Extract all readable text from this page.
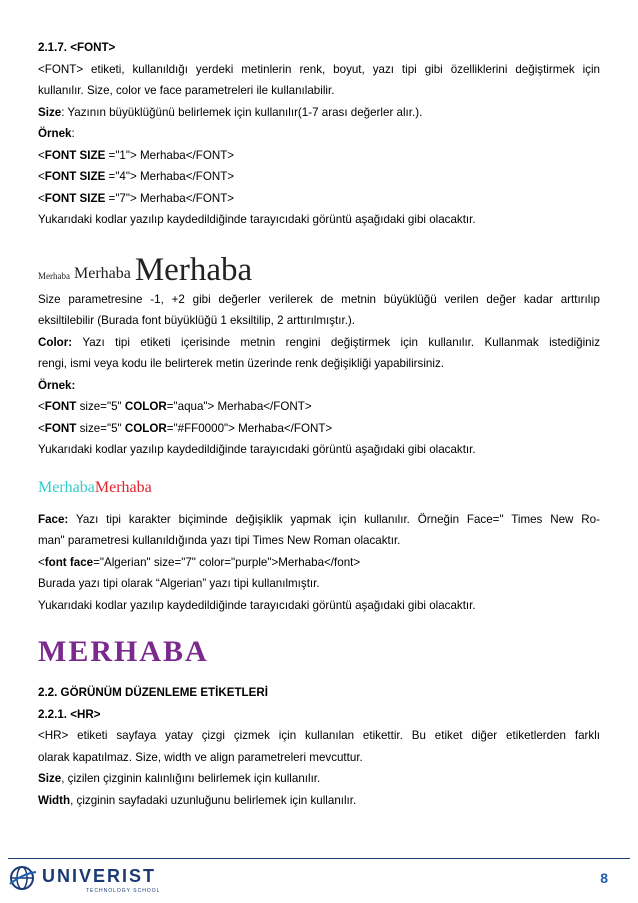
2.1.7. <FONT>
<FONT> etiketi, kullanıldığı yerdeki metinlerin renk, boyut, yazı tipi gibi özelliklerini değiştirmek için
kullanılır. Size, color ve face parametreleri ile kullanılabilir.
Size: Yazının büyüklüğünü belirlemek için kullanılır(1-7 arası değerler alır.).
Örnek:
<FONT SIZE ="1"> Merhaba</FONT>
<FONT SIZE ="4"> Merhaba</FONT>
<FONT SIZE ="7"> Merhaba</FONT>
Yukarıdaki kodlar yazılıp kaydedildiğinde tarayıcıdaki görüntü aşağıdaki gibi olacaktır.
Merhaba Merhaba Merhaba
Size parametresine -1, +2 gibi değerler verilerek de metnin büyüklüğü verilen değer kadar arttırılıp
eksiltilebilir (Burada font büyüklüğü 1 eksiltilip, 2 arttırılmıştır.).
Color: Yazı tipi etiketi içerisinde metnin rengini değiştirmek için kullanılır. Kullanmak istediğiniz
rengi, ismi veya kodu ile belirterek metin üzerinde renk değişikliği yapabilirsiniz.
Örnek:
<FONT size="5" COLOR="aqua"> Merhaba</FONT>
<FONT size="5" COLOR="#FF0000"> Merhaba</FONT>
Yukarıdaki kodlar yazılıp kaydedildiğinde tarayıcıdaki görüntü aşağıdaki gibi olacaktır.
Merhaba Merhaba
Face: Yazı tipi karakter biçiminde değişiklik yapmak için kullanılır. Örneğin Face=" Times New Ro-
man" parametresi kullanıldığında yazı tipi Times New Roman olacaktır.
<font face="Algerian" size="7" color="purple">Merhaba</font>
Burada yazı tipi olarak “Algerian” yazı tipi kullanılmıştır.
Yukarıdaki kodlar yazılıp kaydedildiğinde tarayıcıdaki görüntü aşağıdaki gibi olacaktır.
MERHABA
2.2. GÖRÜNÜM DÜZENLEME ETİKETLERİ
2.2.1. <HR>
<HR> etiketi sayfaya yatay çizgi çizmek için kullanılan etikettir. Bu etiket diğer etiketlerden farklı
olarak kapatılmaz. Size, width ve align parametreleri mevcuttur.
Size, çizilen çizginin kalınlığını belirlemek için kullanılır.
Width, çizginin sayfadaki uzunluğunu belirlemek için kullanılır.
UNIVERIST
TECHNOLOGY SCHOOL
8
